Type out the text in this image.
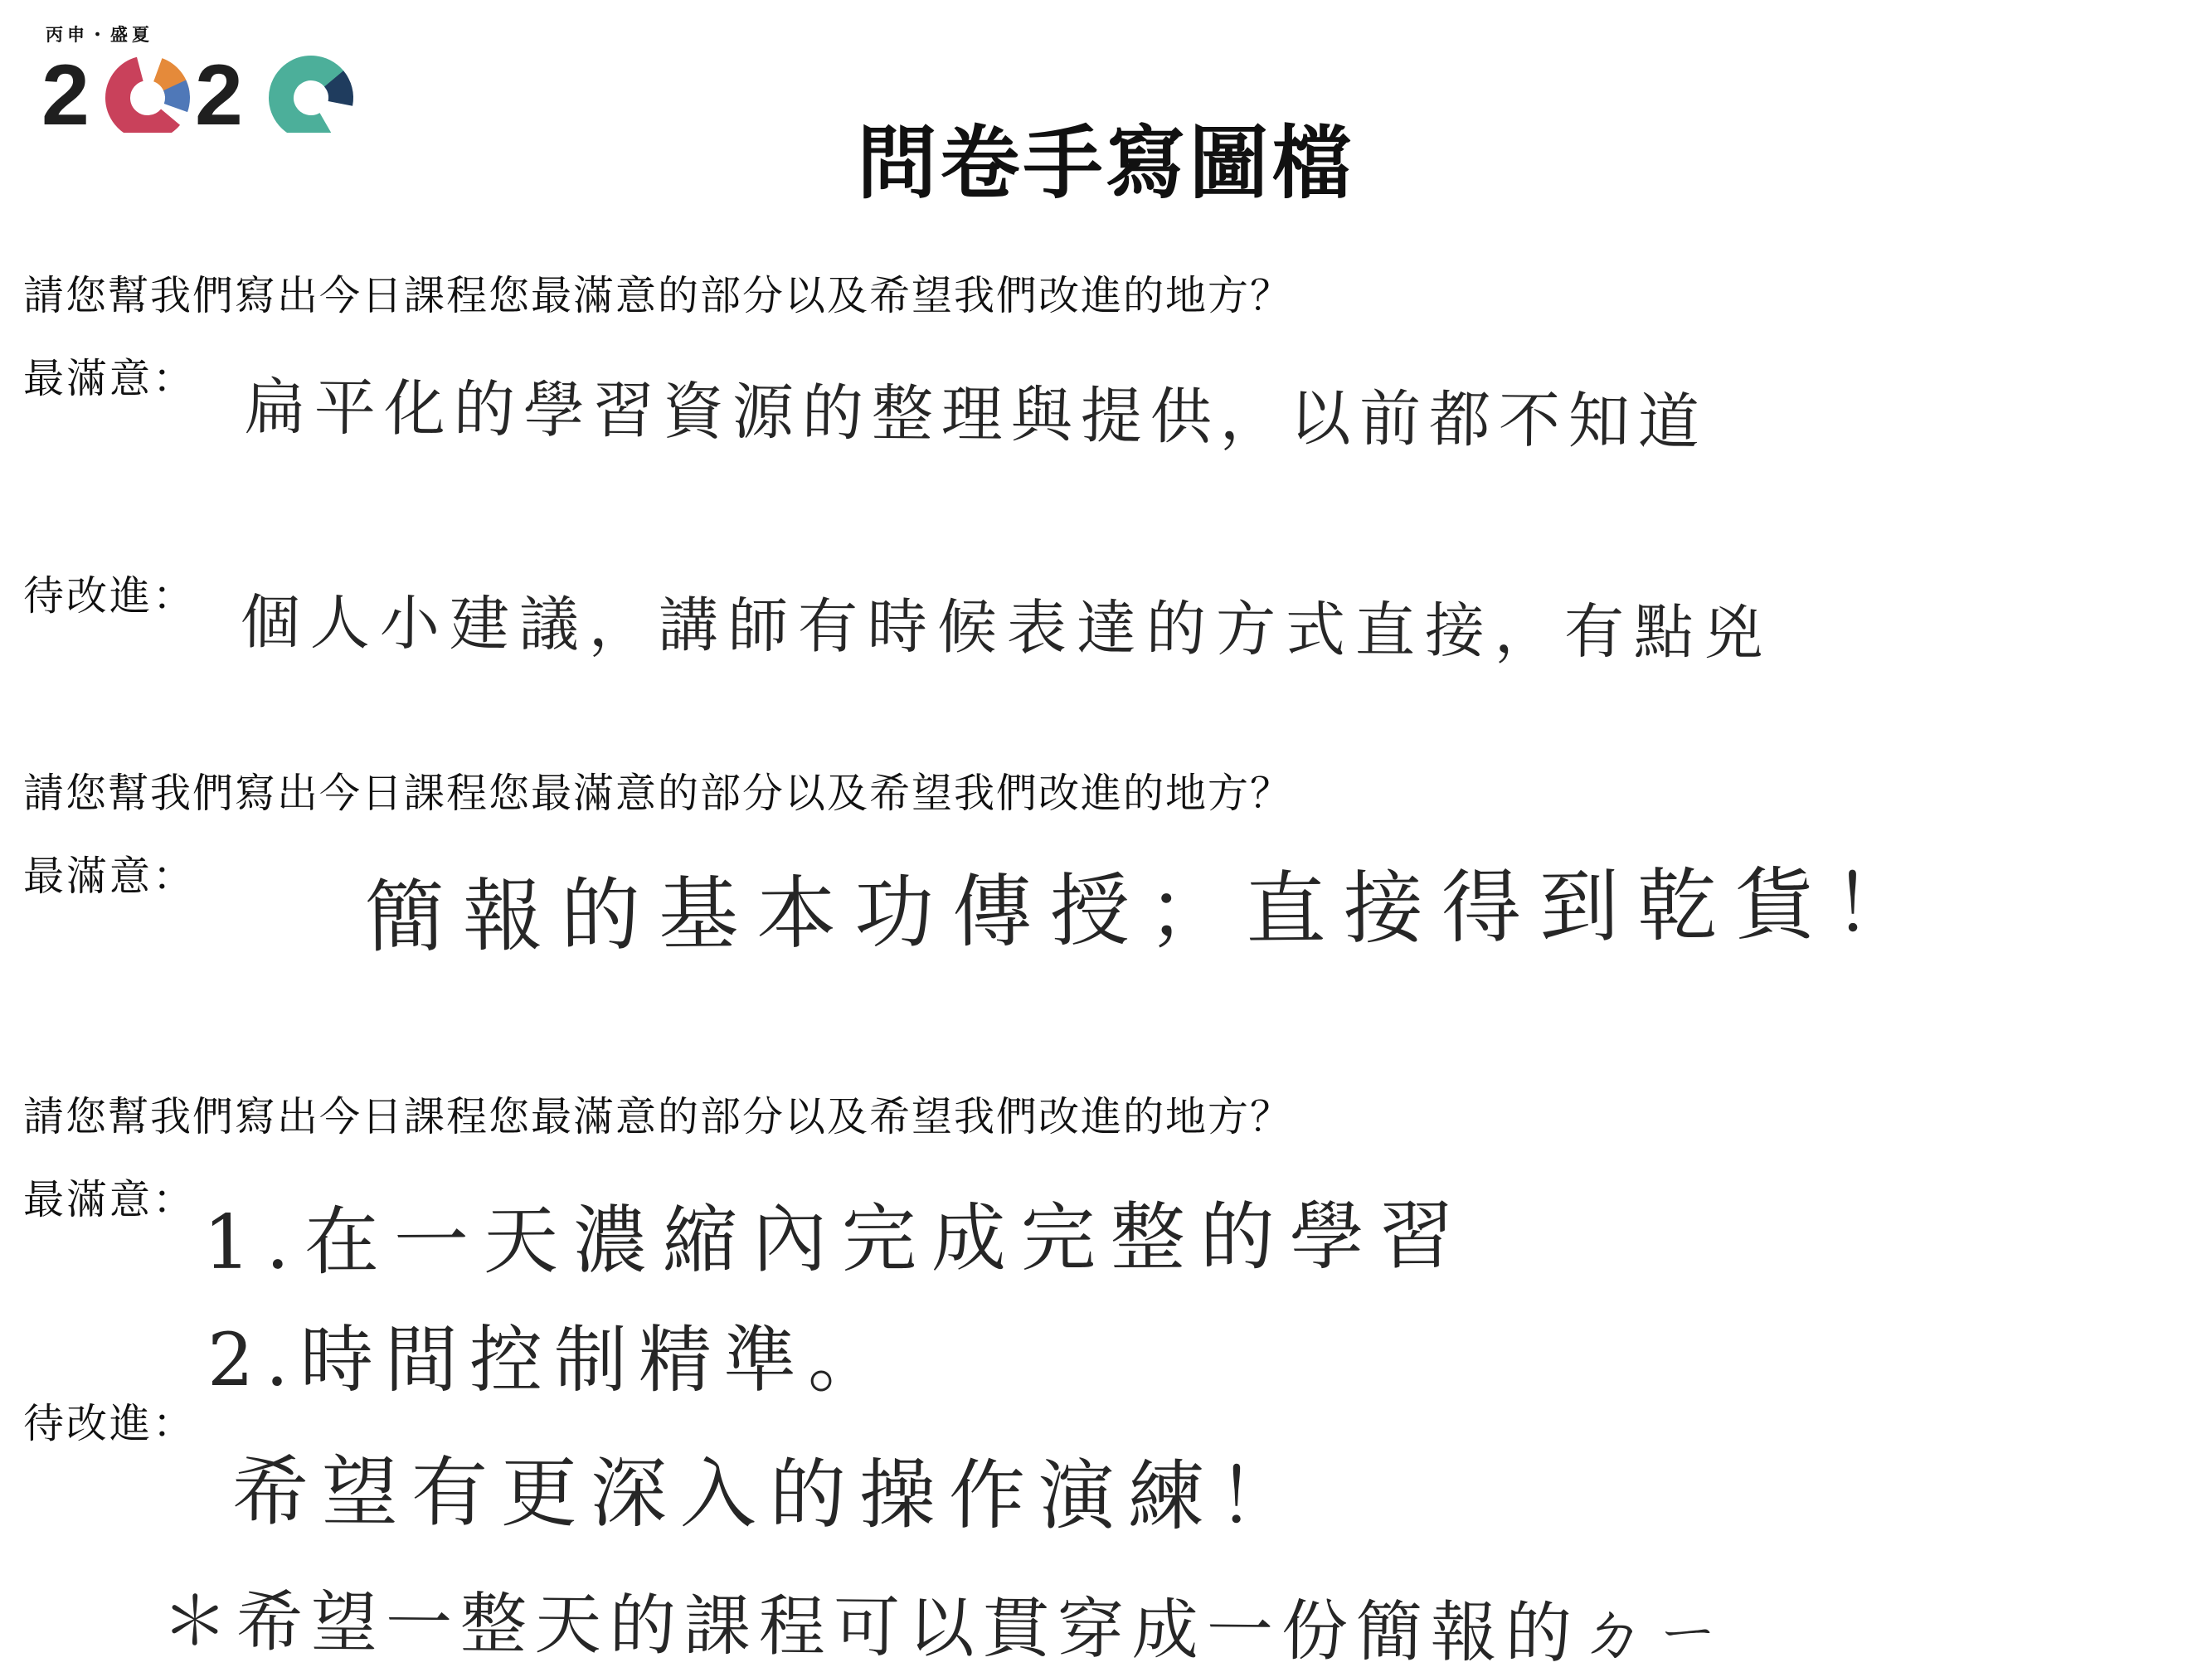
丙申・盛夏
2 2
問卷手寫圖檔
請您幫我們寫出今日課程您最滿意的部分以及希望我們改進的地方？
最滿意： 扁平化的學習資源的整理與提供，以前都不知道
待改進： 個人小建議，講師有時候表達的方式直接，有點兇
請您幫我們寫出今日課程您最滿意的部分以及希望我們改進的地方？
最滿意： 簡報的基本功傳授；直接得到乾貨！
請您幫我們寫出今日課程您最滿意的部分以及希望我們改進的地方？
最滿意： 1.在一天濃縮內完成完整的學習
2.時間控制精準。
待改進：
希望有更深入的操作演練！
＊希望一整天的課程可以貫穿成一份簡報的ㄉㄧ
